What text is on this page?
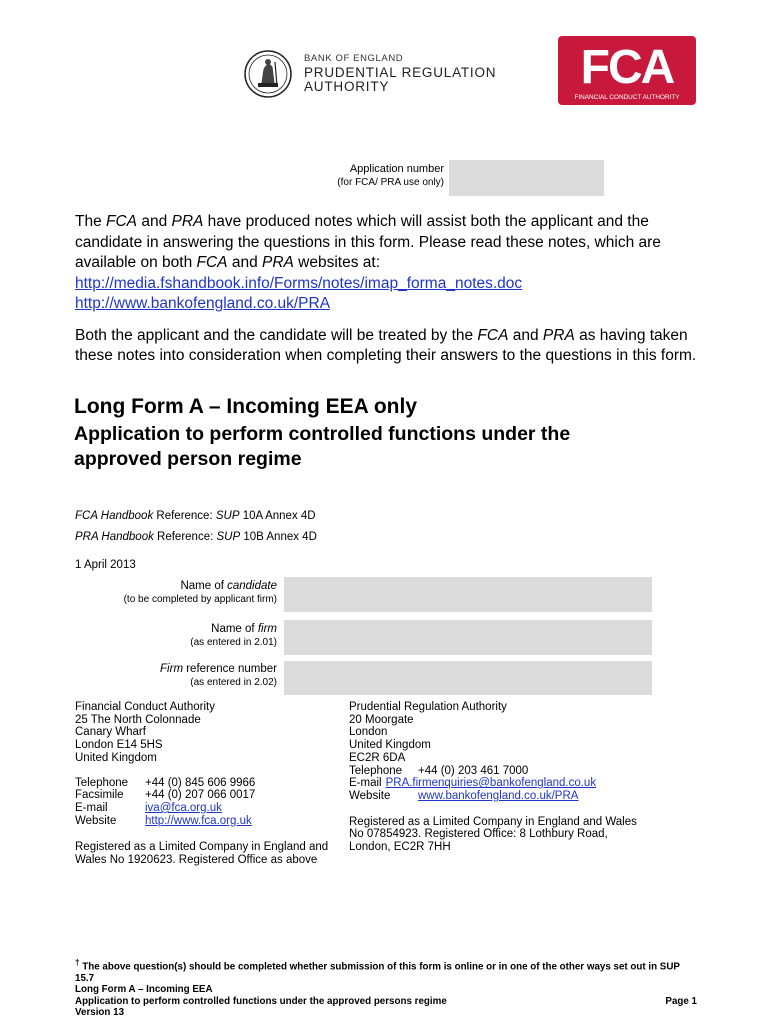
BANK OF ENGLAND
PRUDENTIAL REGULATION
AUTHORITY	FCA
FINANCIAL CONDUCT AUTHORITY
Application number
(for FCA/ PRA use only)

The FCA and PRA have produced notes which will assist both the applicant and the candidate in answering the questions in this form. Please read these notes, which are available on both FCA and PRA websites at:
http://media.fshandbook.info/Forms/notes/imap_forma_notes.doc
http://www.bankofengland.co.uk/PRA

Both the applicant and the candidate will be treated by the FCA and PRA as having taken these notes into consideration when completing their answers to the questions in this form.

Long Form A – Incoming EEA only
Application to perform controlled functions under the approved person regime
FCA Handbook Reference: SUP 10A Annex 4D
PRA Handbook Reference: SUP 10B Annex 4D
1 April 2013
Name of candidate
(to be completed by applicant firm)
Name of firm
(as entered in 2.01)
Firm reference number
(as entered in 2.02)
Financial Conduct Authority
25 The North Colonnade
Canary Wharf
London E14 5HS
United Kingdom
Telephone	+44 (0) 845 606 9966
Facsimile	+44 (0) 207 066 0017
E-mail	iva@fca.org.uk
Website	http://www.fca.org.uk
Registered as a Limited Company in England and Wales No 1920623. Registered Office as above
Prudential Regulation Authority
20 Moorgate
London
United Kingdom
EC2R 6DA
Telephone	+44 (0) 203 461 7000
E-mail PRA.firmenquiries@bankofengland.co.uk
Website	www.bankofengland.co.uk/PRA
Registered as a Limited Company in England and Wales No 07854923. Registered Office: 8 Lothbury Road, London, EC2R 7HH
† The above question(s) should be completed whether submission of this form is online or in one of the other ways set out in SUP 15.7
Long Form A – Incoming EEA
Application to perform controlled functions under the approved persons regime	Page 1
Version 13
